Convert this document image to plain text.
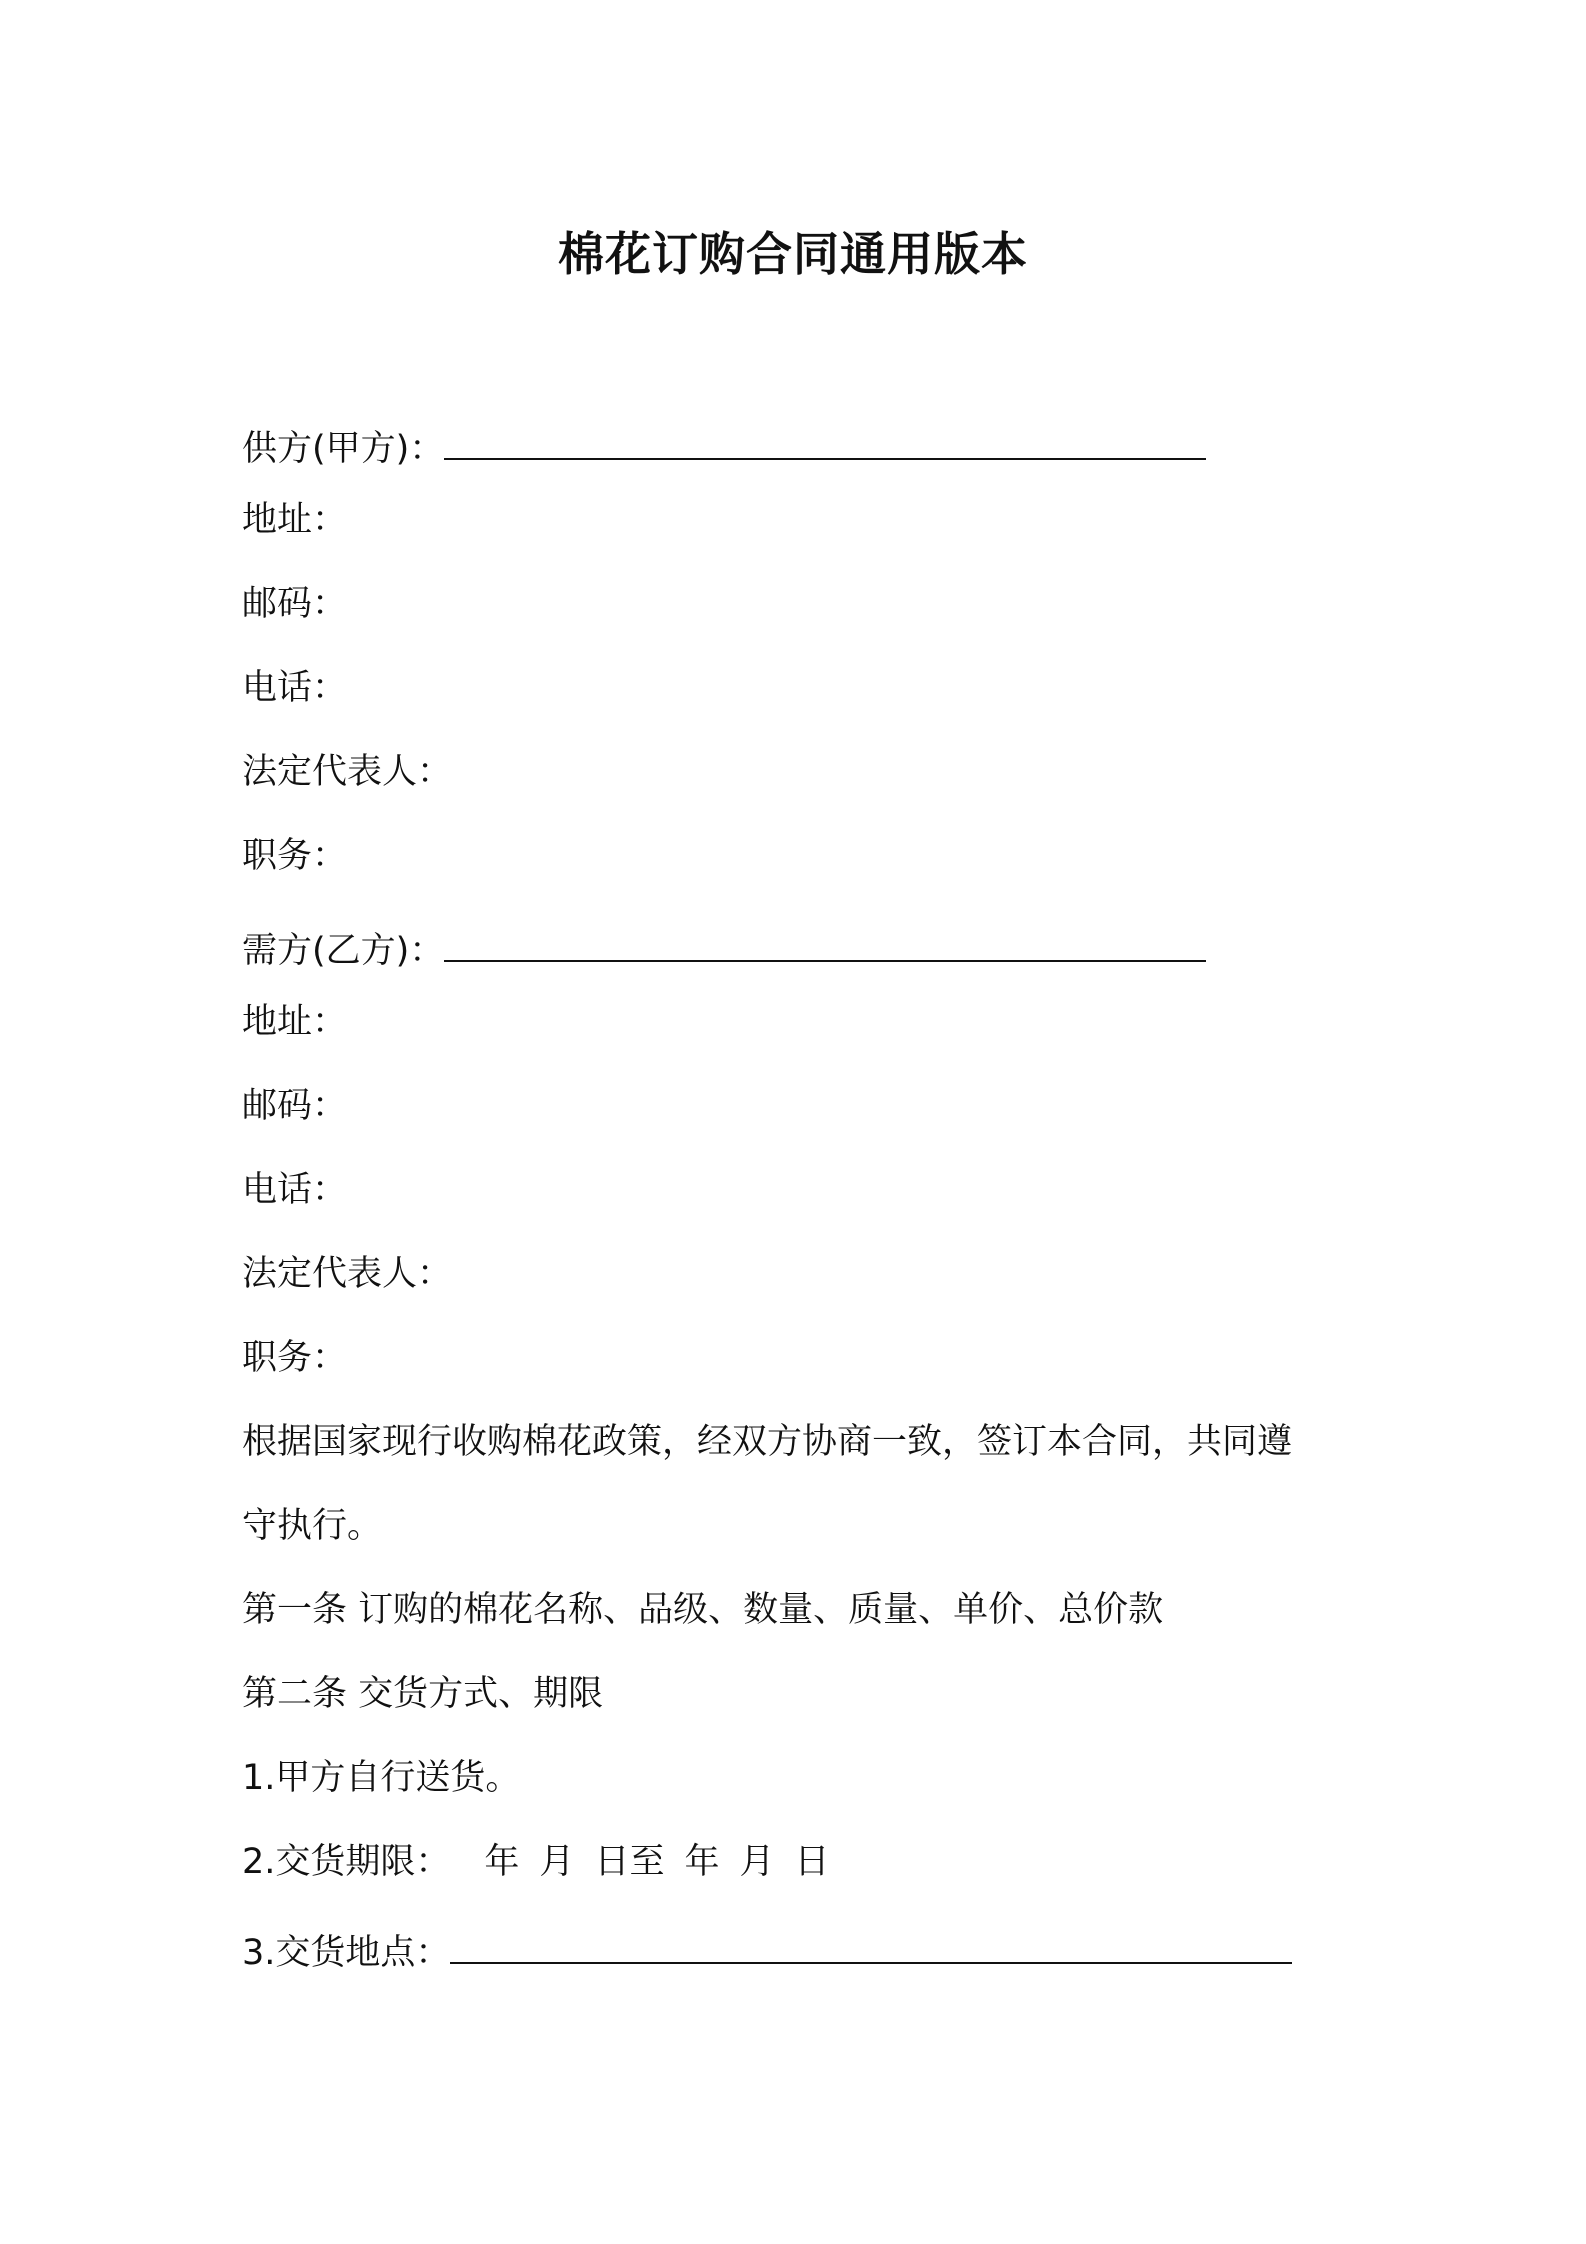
棉花订购合同通用版本
供方(甲方)：
地址：
邮码：
电话：
法定代表人：
职务：
需方(乙方)：
地址：
邮码：
电话：
法定代表人：
职务：
根据国家现行收购棉花政策，经双方协商一致，签订本合同，共同遵
守执行。
第一条 订购的棉花名称、品级、数量、质量、单价、总价款
第二条 交货方式、期限
1.甲方自行送货。
2.交货期限： 年 月 日至 年 月 日
3.交货地点：
